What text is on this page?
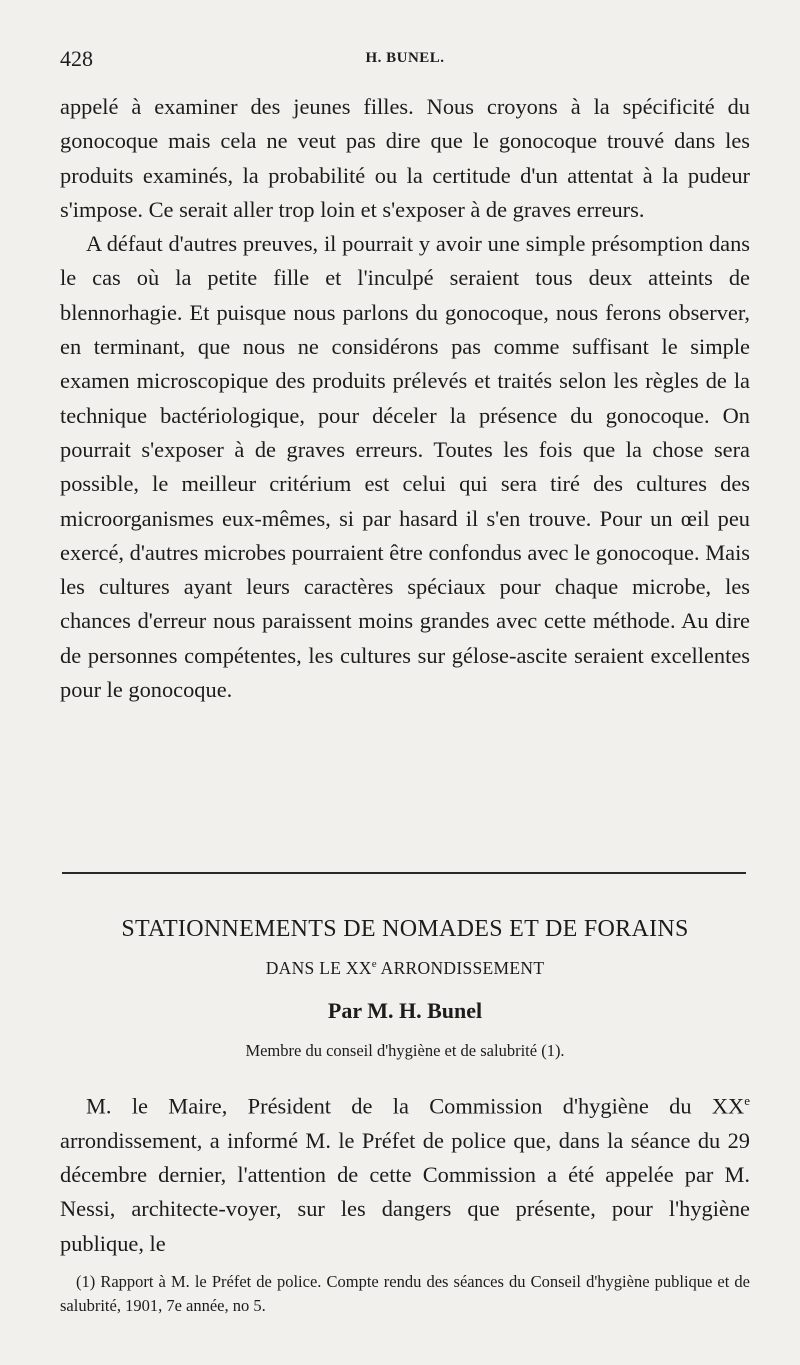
428	H. BUNEL.

appelé à examiner des jeunes filles. Nous croyons à la spécificité du gonocoque mais cela ne veut pas dire que le gonocoque trouvé dans les produits examinés, la probabilité ou la certitude d'un attentat à la pudeur s'impose. Ce serait aller trop loin et s'exposer à de graves erreurs.

A défaut d'autres preuves, il pourrait y avoir une simple présomption dans le cas où la petite fille et l'inculpé seraient tous deux atteints de blennorhagie. Et puisque nous parlons du gonocoque, nous ferons observer, en terminant, que nous ne considérons pas comme suffisant le simple examen microscopique des produits prélevés et traités selon les règles de la technique bactériologique, pour déceler la présence du gonocoque. On pourrait s'exposer à de graves erreurs. Toutes les fois que la chose sera possible, le meilleur critérium est celui qui sera tiré des cultures des microorganismes eux-mêmes, si par hasard il s'en trouve. Pour un œil peu exercé, d'autres microbes pourraient être confondus avec le gonocoque. Mais les cultures ayant leurs caractères spéciaux pour chaque microbe, les chances d'erreur nous paraissent moins grandes avec cette méthode. Au dire de personnes compétentes, les cultures sur gélose-ascite seraient excellentes pour le gonocoque.

STATIONNEMENTS DE NOMADES ET DE FORAINS
DANS LE XXe ARRONDISSEMENT
Par M. H. Bunel
Membre du conseil d'hygiène et de salubrité (1).

M. le Maire, Président de la Commission d'hygiène du XXe arrondissement, a informé M. le Préfet de police que, dans la séance du 29 décembre dernier, l'attention de cette Commission a été appelée par M. Nessi, architecte-voyer, sur les dangers que présente, pour l'hygiène publique, le

(1) Rapport à M. le Préfet de police. Compte rendu des séances du Conseil d'hygiène publique et de salubrité, 1901, 7e année, no 5.
